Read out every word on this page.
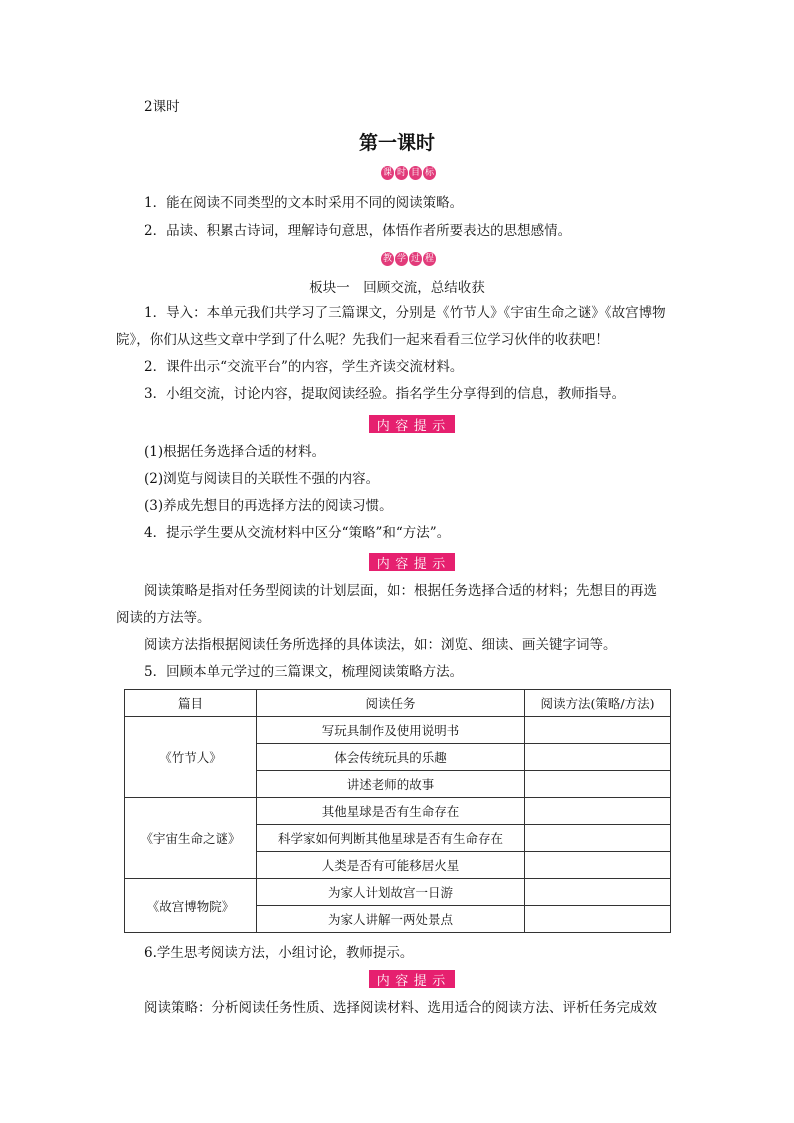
2课时
第一课时
课 时 目 标
1．能在阅读不同类型的文本时采用不同的阅读策略。
2．品读、积累古诗词，理解诗句意思，体悟作者所要表达的思想感情。
教 学 过 程
板块一　回顾交流，总结收获
1．导入：本单元我们共学习了三篇课文，分别是《竹节人》《宇宙生命之谜》《故宫博物
院》，你们从这些文章中学到了什么呢？先我们一起来看看三位学习伙伴的收获吧！
2．课件出示“交流平台”的内容，学生齐读交流材料。
3．小组交流，讨论内容，提取阅读经验。指名学生分享得到的信息，教师指导。
内 容 提 示
(1)根据任务选择合适的材料。
(2)浏览与阅读目的关联性不强的内容。
(3)养成先想目的再选择方法的阅读习惯。
4．提示学生要从交流材料中区分“策略”和“方法”。
内 容 提 示
阅读策略是指对任务型阅读的计划层面，如：根据任务选择合适的材料；先想目的再选
阅读的方法等。
阅读方法指根据阅读任务所选择的具体读法，如：浏览、细读、画关键字词等。
5．回顾本单元学过的三篇课文，梳理阅读策略方法。
篇目	阅读任务	阅读方法(策略/方法)
《竹节人》	写玩具制作及使用说明书	
	体会传统玩具的乐趣	
	讲述老师的故事	
《宇宙生命之谜》	其他星球是否有生命存在	
	科学家如何判断其他星球是否有生命存在	
	人类是否有可能移居火星	
《故宫博物院》	为家人计划故宫一日游	
	为家人讲解一两处景点	
6.学生思考阅读方法，小组讨论，教师提示。
内 容 提 示
阅读策略：分析阅读任务性质、选择阅读材料、选用适合的阅读方法、评析任务完成效
